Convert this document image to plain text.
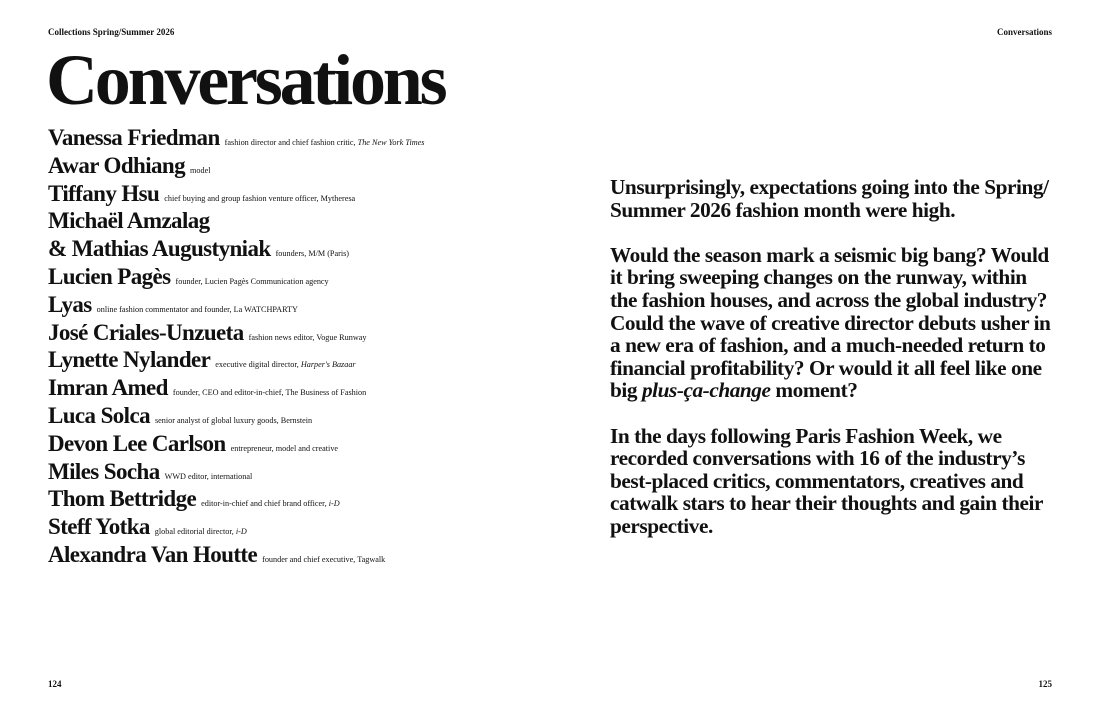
Collections Spring/Summer 2026	Conversations
Conversations
Vanessa Friedman fashion director and chief fashion critic, The New York Times
Awar Odhiang model
Tiffany Hsu chief buying and group fashion venture officer, Mytheresa
Michaël Amzalag
& Mathias Augustyniak founders, M/M (Paris)
Lucien Pagès founder, Lucien Pagès Communication agency
Lyas online fashion commentator and founder, La WATCHPARTY
José Criales-Unzueta fashion news editor, Vogue Runway
Lynette Nylander executive digital director, Harper's Bazaar
Imran Amed founder, CEO and editor-in-chief, The Business of Fashion
Luca Solca senior analyst of global luxury goods, Bernstein
Devon Lee Carlson entrepreneur, model and creative
Miles Socha WWD editor, international
Thom Bettridge editor-in-chief and chief brand officer, i-D
Steff Yotka global editorial director, i-D
Alexandra Van Houtte founder and chief executive, Tagwalk

Unsurprisingly, expectations going into the Spring/ Summer 2026 fashion month were high.

Would the season mark a seismic big bang? Would it bring sweeping changes on the runway, within the fashion houses, and across the global industry? Could the wave of creative director debuts usher in a new era of fashion, and a much-needed return to financial profitability? Or would it all feel like one big plus-ça-change moment?

In the days following Paris Fashion Week, we recorded conversations with 16 of the industry’s best-placed critics, commentators, creatives and catwalk stars to hear their thoughts and gain their perspective.

124	125
